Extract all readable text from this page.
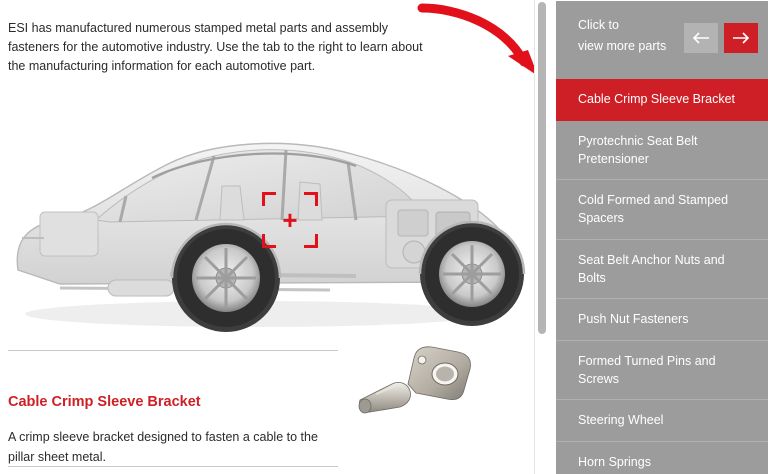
ESI has manufactured numerous stamped metal parts and assembly fasteners for the automotive industry. Use the tab to the right to learn about the manufacturing information for each automotive part.

+
Cable Crimp Sleeve Bracket

A crimp sleeve bracket designed to fasten a cable to the pillar sheet metal.

Click to
view more parts
Cable Crimp Sleeve Bracket
Pyrotechnic Seat Belt Pretensioner
Cold Formed and Stamped Spacers
Seat Belt Anchor Nuts and Bolts
Push Nut Fasteners
Formed Turned Pins and Screws
Steering Wheel
Horn Springs
